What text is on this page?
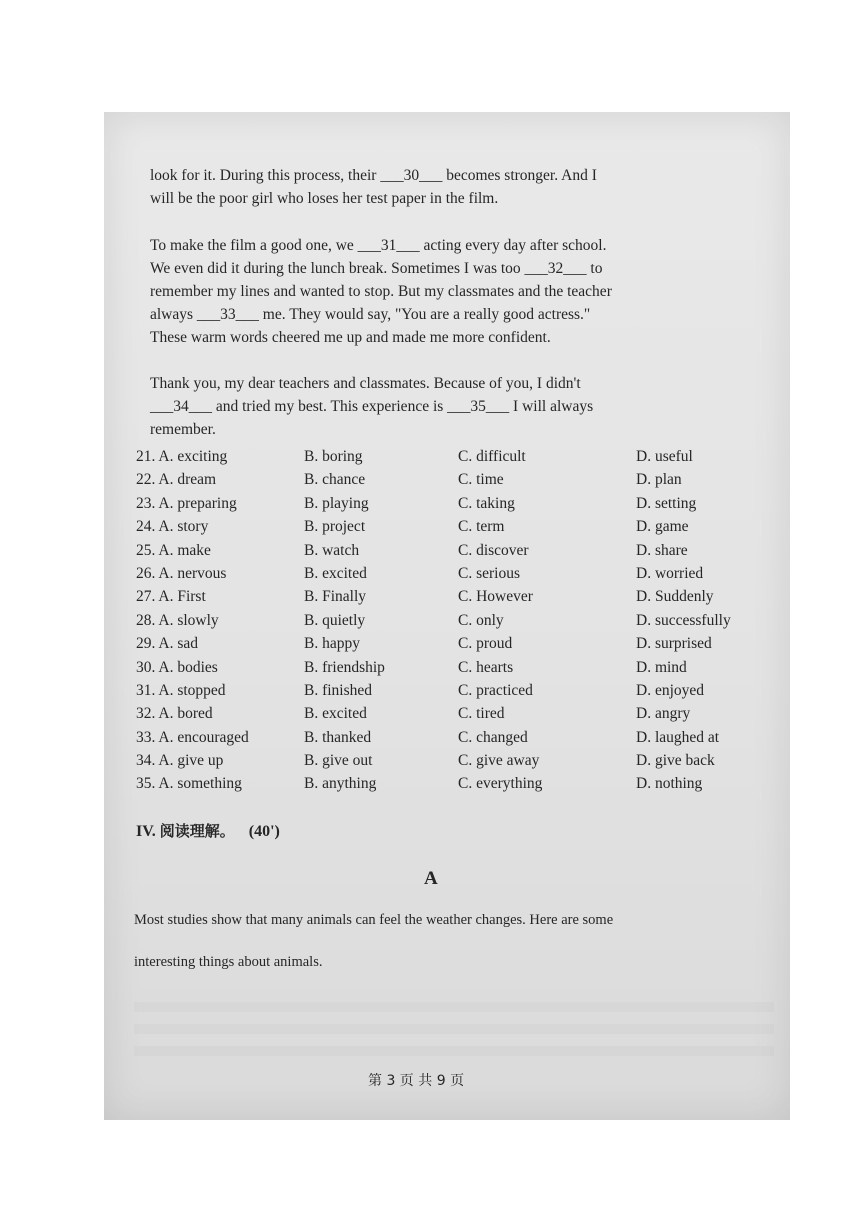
look for it. During this process, their ___30___ becomes stronger. And I
will be the poor girl who loses her test paper in the film.
To make the film a good one, we ___31___ acting every day after school.
We even did it during the lunch break. Sometimes I was too ___32___ to
remember my lines and wanted to stop. But my classmates and the teacher
always ___33___ me. They would say, "You are a really good actress."
These warm words cheered me up and made me more confident.
Thank you, my dear teachers and classmates. Because of you, I didn't
___34___ and tried my best. This experience is ___35___ I will always
remember.
21. A. exciting	B. boring	C. difficult	D. useful
22. A. dream	B. chance	C. time	D. plan
23. A. preparing	B. playing	C. taking	D. setting
24. A. story	B. project	C. term	D. game
25. A. make	B. watch	C. discover	D. share
26. A. nervous	B. excited	C. serious	D. worried
27. A. First	B. Finally	C. However	D. Suddenly
28. A. slowly	B. quietly	C. only	D. successfully
29. A. sad	B. happy	C. proud	D. surprised
30. A. bodies	B. friendship	C. hearts	D. mind
31. A. stopped	B. finished	C. practiced	D. enjoyed
32. A. bored	B. excited	C. tired	D. angry
33. A. encouraged	B. thanked	C. changed	D. laughed at
34. A. give up	B. give out	C. give away	D. give back
35. A. something	B. anything	C. everything	D. nothing
IV. 阅读理解。 (40')
A
Most studies show that many animals can feel the weather changes. Here are some
interesting things about animals.
第 3 页 共 9 页
